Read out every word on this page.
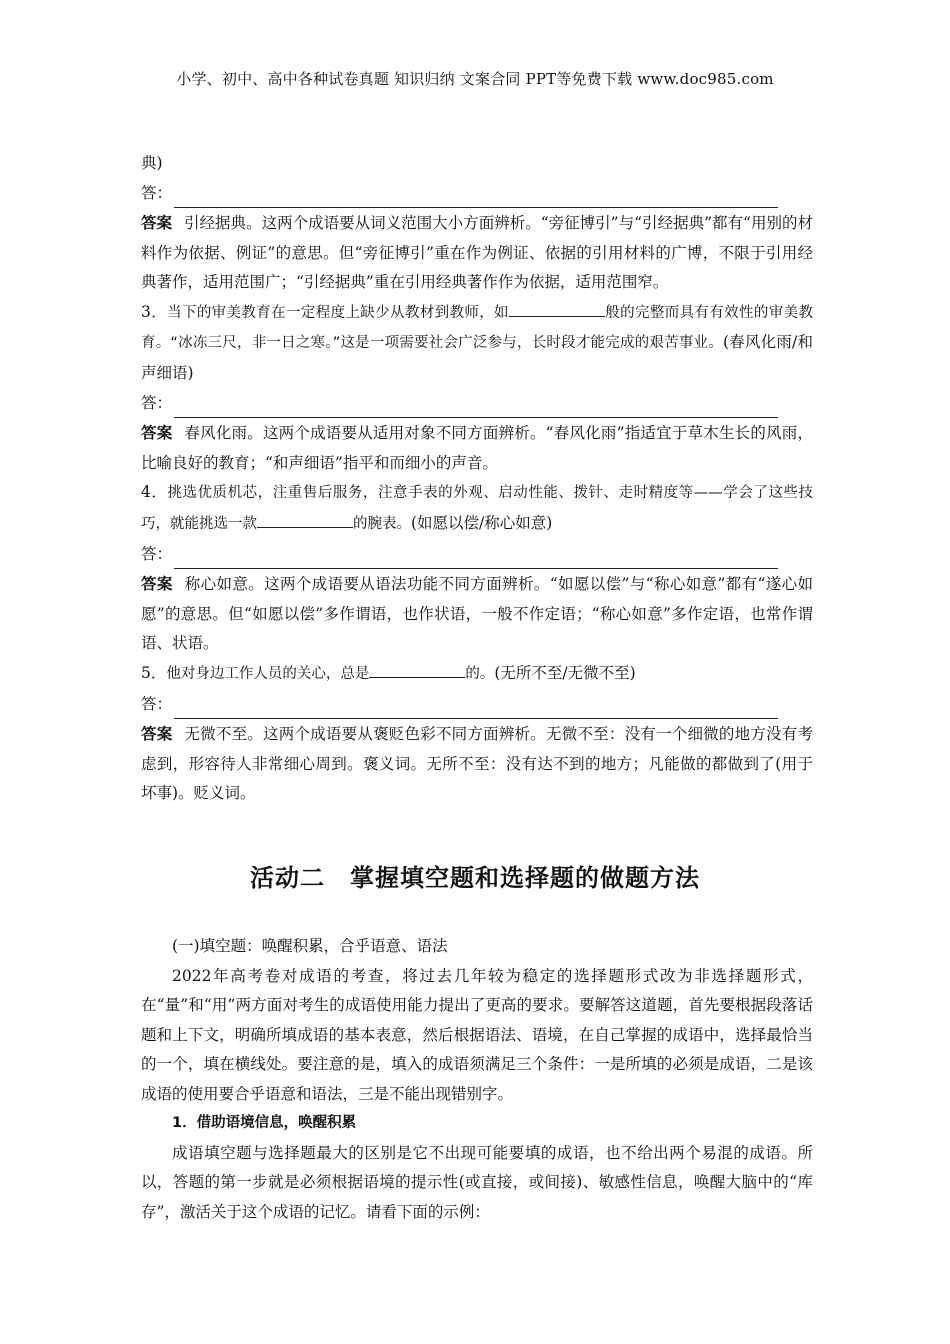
小学、初中、高中各种试卷真题 知识归纳 文案合同 PPT等免费下载 www.doc985.com
典)
答：
答案 引经据典。这两个成语要从词义范围大小方面辨析。“旁征博引”与“引经据典”都有“用别的材料作为依据、例证”的意思。但“旁征博引”重在作为例证、依据的引用材料的广博，不限于引用经典著作，适用范围广；“引经据典”重在引用经典著作作为依据，适用范围窄。
3．当下的审美教育在一定程度上缺少从教材到教师，如	般的完整而具有有效性的审美教育。“冰冻三尺，非一日之寒。”这是一项需要社会广泛参与，长时段才能完成的艰苦事业。(春风化雨/和声细语)
答：
答案 春风化雨。这两个成语要从适用对象不同方面辨析。“春风化雨”指适宜于草木生长的风雨，比喻良好的教育；“和声细语”指平和而细小的声音。
4．挑选优质机芯，注重售后服务，注意手表的外观、启动性能、拨针、走时精度等——学会了这些技巧，就能挑选一款	的腕表。(如愿以偿/称心如意)
答：
答案 称心如意。这两个成语要从语法功能不同方面辨析。“如愿以偿”与“称心如意”都有“遂心如愿”的意思。但“如愿以偿”多作谓语，也作状语，一般不作定语；“称心如意”多作定语，也常作谓语、状语。
5．他对身边工作人员的关心，总是	的。(无所不至/无微不至)
答：
答案 无微不至。这两个成语要从褒贬色彩不同方面辨析。无微不至：没有一个细微的地方没有考虑到，形容待人非常细心周到。褒义词。无所不至：没有达不到的地方；凡能做的都做到了(用于坏事)。贬义词。
活动二　掌握填空题和选择题的做题方法
(一)填空题：唤醒积累，合乎语意、语法
2022年高考卷对成语的考查，将过去几年较为稳定的选择题形式改为非选择题形式，在“量”和“用”两方面对考生的成语使用能力提出了更高的要求。要解答这道题，首先要根据段落话题和上下文，明确所填成语的基本表意，然后根据语法、语境，在自己掌握的成语中，选择最恰当的一个，填在横线处。要注意的是，填入的成语须满足三个条件：一是所填的必须是成语，二是该成语的使用要合乎语意和语法，三是不能出现错别字。
1．借助语境信息，唤醒积累
成语填空题与选择题最大的区别是它不出现可能要填的成语，也不给出两个易混的成语。所以，答题的第一步就是必须根据语境的提示性(或直接，或间接)、敏感性信息，唤醒大脑中的“库存”，激活关于这个成语的记忆。请看下面的示例：
